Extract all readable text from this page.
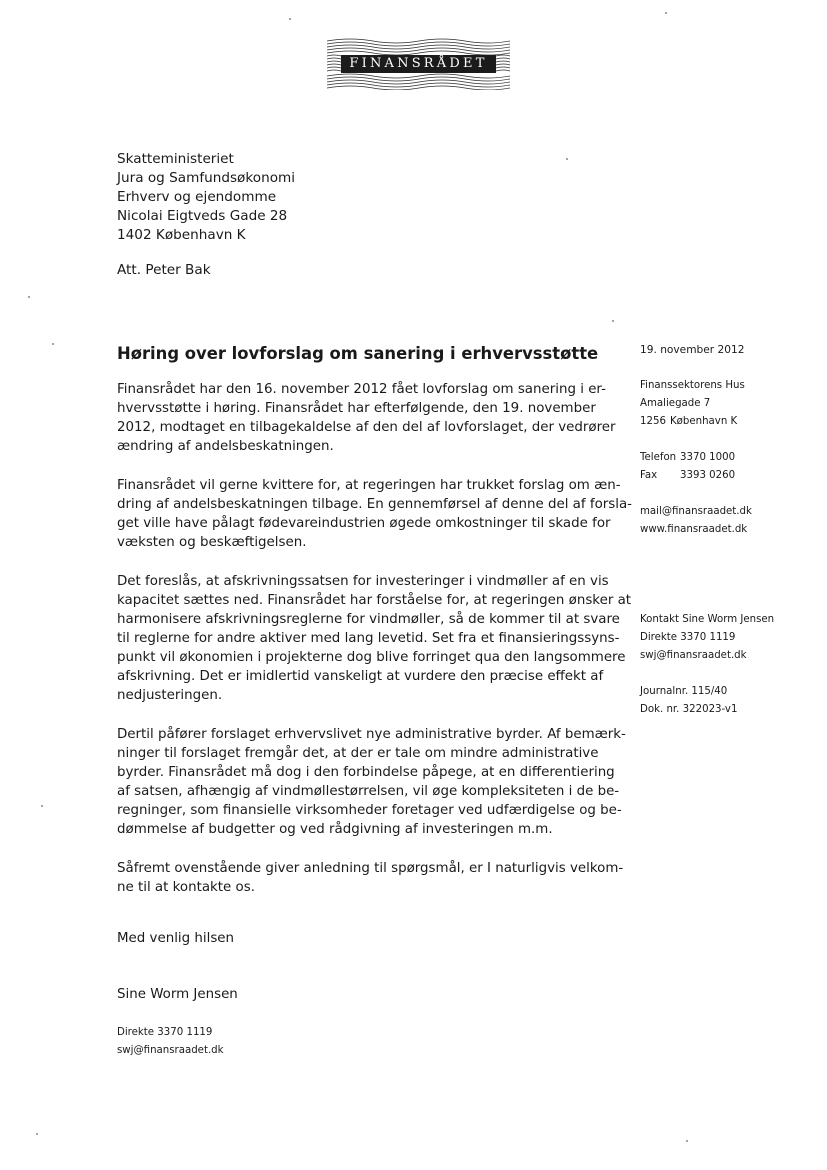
FINANSRÅDET
Skatteministeriet
Jura og Samfundsøkonomi
Erhverv og ejendomme
Nicolai Eigtveds Gade 28
1402 København K
Att. Peter Bak
Høring over lovforslag om sanering i erhvervsstøtte

Finansrådet har den 16. november 2012 fået lovforslag om sanering i er-
hvervsstøtte i høring. Finansrådet har efterfølgende, den 19. november
2012, modtaget en tilbagekaldelse af den del af lovforslaget, der vedrører
ændring af andelsbeskatningen.

Finansrådet vil gerne kvittere for, at regeringen har trukket forslag om æn-
dring af andelsbeskatningen tilbage. En gennemførsel af denne del af forsla-
get ville have pålagt fødevareindustrien øgede omkostninger til skade for
væksten og beskæftigelsen.

Det foreslås, at afskrivningssatsen for investeringer i vindmøller af en vis
kapacitet sættes ned. Finansrådet har forståelse for, at regeringen ønsker at
harmonisere afskrivningsreglerne for vindmøller, så de kommer til at svare
til reglerne for andre aktiver med lang levetid. Set fra et finansieringssyns-
punkt vil økonomien i projekterne dog blive forringet qua den langsommere
afskrivning. Det er imidlertid vanskeligt at vurdere den præcise effekt af
nedjusteringen.

Dertil påfører forslaget erhvervslivet nye administrative byrder. Af bemærk-
ninger til forslaget fremgår det, at der er tale om mindre administrative
byrder. Finansrådet må dog i den forbindelse påpege, at en differentiering
af satsen, afhængig af vindmøllestørrelsen, vil øge kompleksiteten i de be-
regninger, som finansielle virksomheder foretager ved udfærdigelse og be-
dømmelse af budgetter og ved rådgivning af investeringen m.m.

Såfremt ovenstående giver anledning til spørgsmål, er I naturligvis velkom-
ne til at kontakte os.

Med venlig hilsen
Sine Worm Jensen
Direkte 3370 1119
swj@finansraadet.dk
19. november 2012
Finanssektorens Hus
Amaliegade 7
1256 København K
Telefon 3370 1000
Fax 3393 0260
mail@finansraadet.dk
www.finansraadet.dk
Kontakt Sine Worm Jensen
Direkte 3370 1119
swj@finansraadet.dk
Journalnr. 115/40
Dok. nr. 322023-v1
